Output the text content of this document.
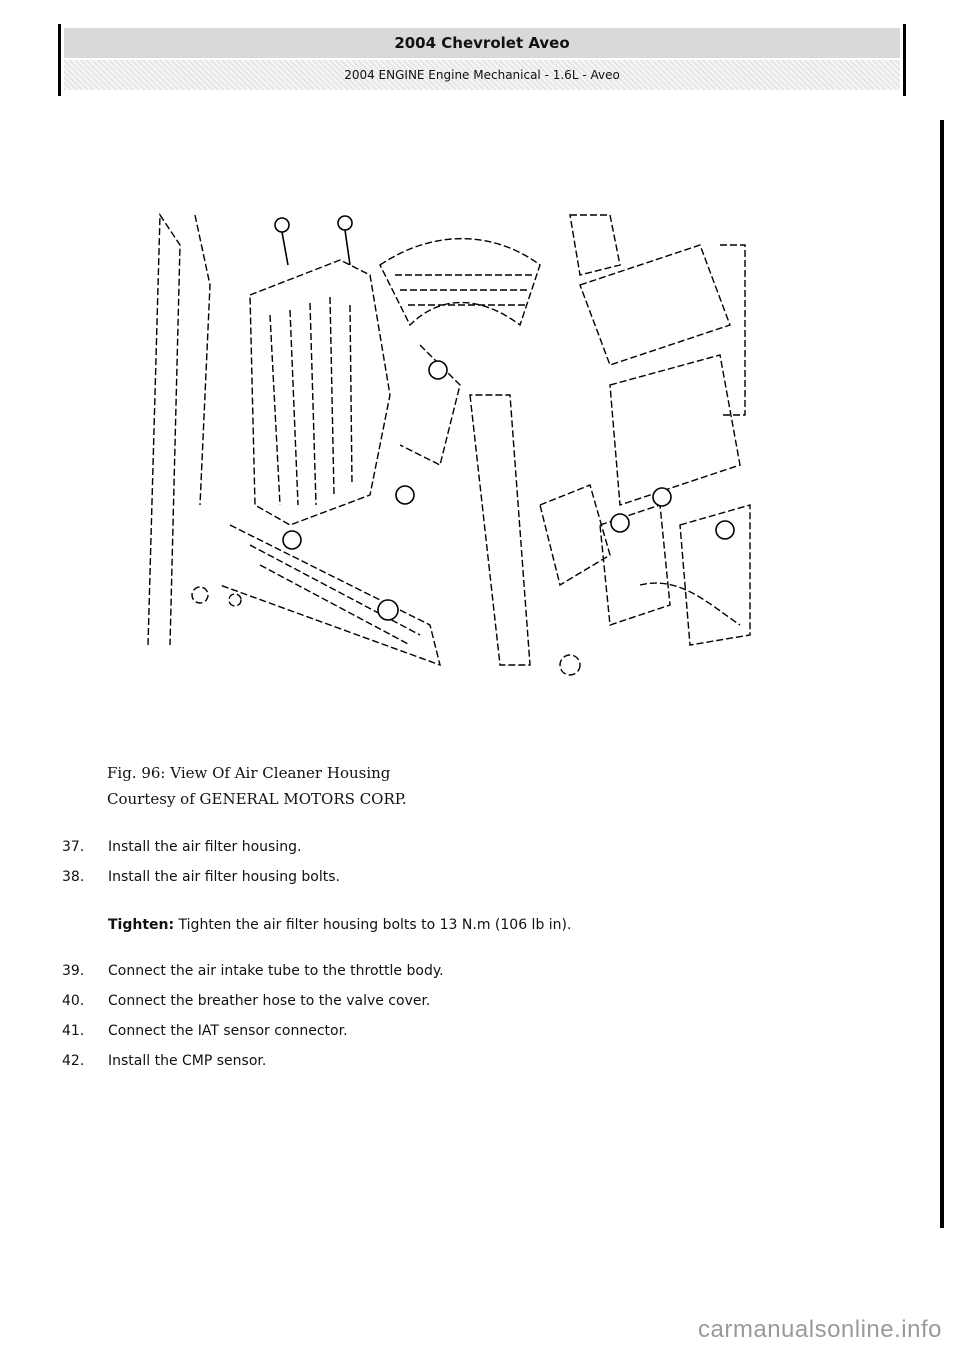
2004 Chevrolet Aveo
2004 ENGINE Engine Mechanical - 1.6L - Aveo
Fig. 96: View Of Air Cleaner Housing
Courtesy of GENERAL MOTORS CORP.
37.	Install the air filter housing.
38.	Install the air filter housing bolts.
Tighten: Tighten the air filter housing bolts to 13 N.m (106 lb in).
39.	Connect the air intake tube to the throttle body.
40.	Connect the breather hose to the valve cover.
41.	Connect the IAT sensor connector.
42.	Install the CMP sensor.
carmanualsonline.info
